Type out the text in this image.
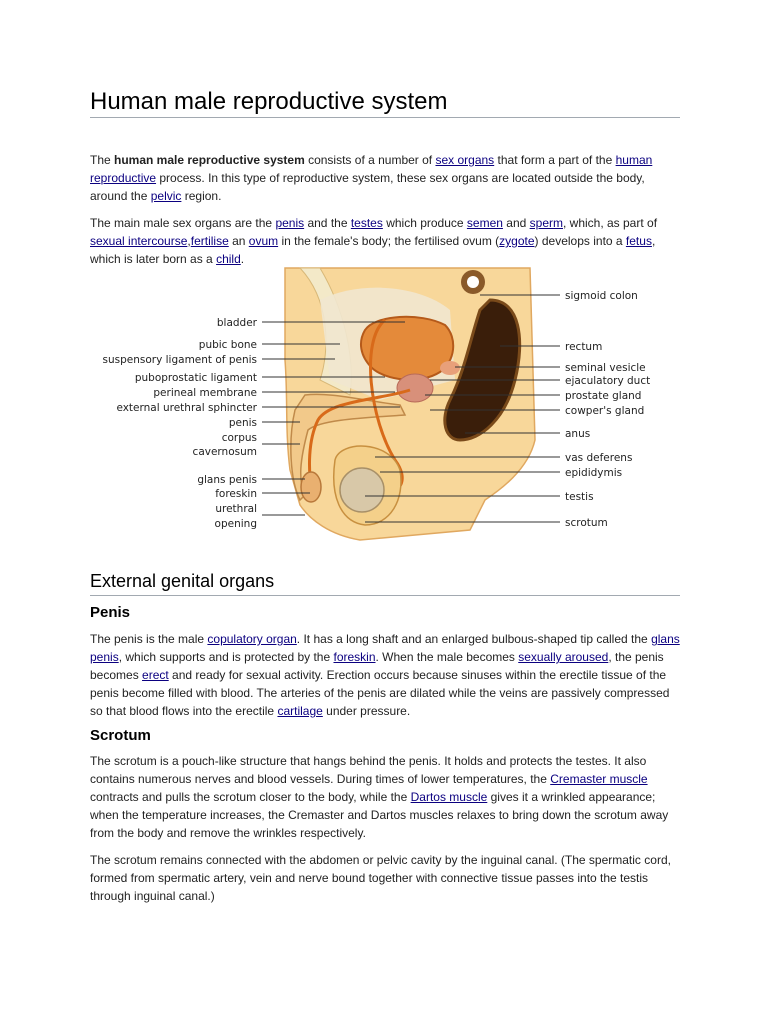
Human male reproductive system

The human male reproductive system consists of a number of sex organs that form a part of the human reproductive process. In this type of reproductive system, these sex organs are located outside the body, around the pelvic region.

The main male sex organs are the penis and the testes which produce semen and sperm, which, as part of sexual intercourse,fertilise an ovum in the female's body; the fertilised ovum (zygote) develops into a fetus, which is later born as a child.

External genital organs
Penis

The penis is the male copulatory organ. It has a long shaft and an enlarged bulbous-shaped tip called the glans penis, which supports and is protected by the foreskin. When the male becomes sexually aroused, the penis becomes erect and ready for sexual activity. Erection occurs because sinuses within the erectile tissue of the penis become filled with blood. The arteries of the penis are dilated while the veins are passively compressed so that blood flows into the erectile cartilage under pressure.

Scrotum

The scrotum is a pouch-like structure that hangs behind the penis. It holds and protects the testes. It also contains numerous nerves and blood vessels. During times of lower temperatures, the Cremaster muscle contracts and pulls the scrotum closer to the body, while the Dartos muscle gives it a wrinkled appearance; when the temperature increases, the Cremaster and Dartos muscles relaxes to bring down the scrotum away from the body and remove the wrinkles respectively.

The scrotum remains connected with the abdomen or pelvic cavity by the inguinal canal. (The spermatic cord, formed from spermatic artery, vein and nerve bound together with connective tissue passes into the testis through inguinal canal.)

bladder
pubic bone
suspensory ligament of penis
puboprostatic ligament
perineal membrane
external urethral sphincter
penis
corpus
cavernosum
glans penis
foreskin
urethral
opening
sigmoid colon
rectum
seminal vesicle
ejaculatory duct
prostate gland
cowper's gland
anus
vas deferens
epididymis
testis
scrotum
